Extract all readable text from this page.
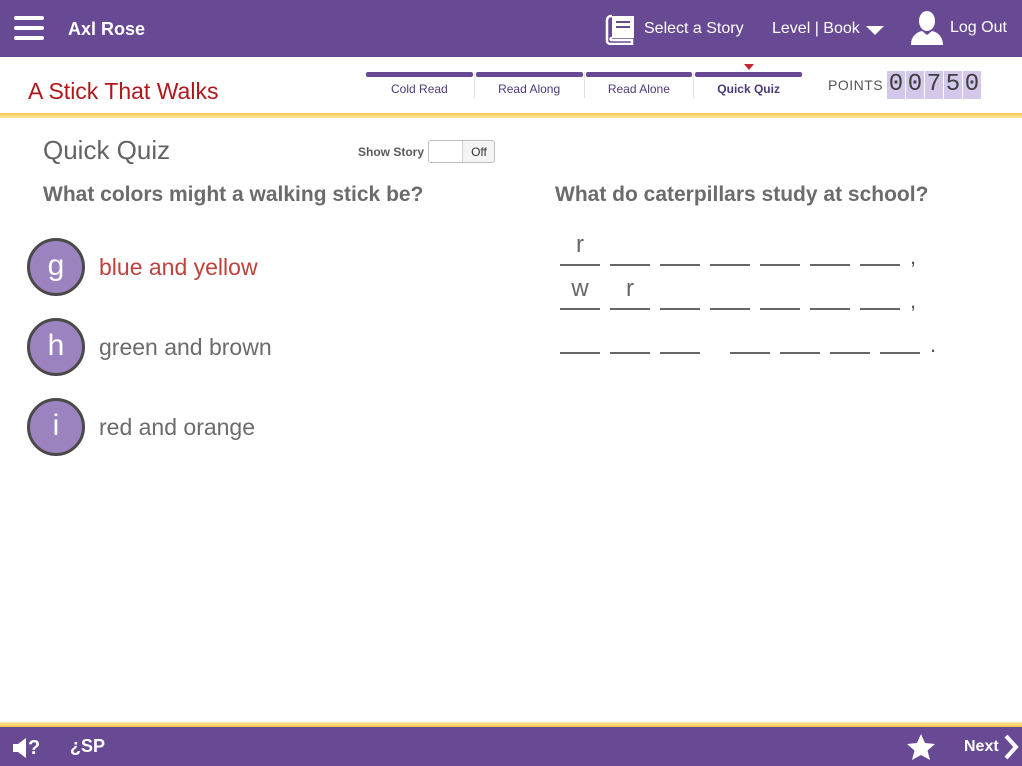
Axl Rose	Select a Story Level | Book	Log Out
A Stick That Walks	Cold Read	Read Along	Read Alone	Quick Quiz	POINTS 0 0 7 5 0
Quick Quiz	Show Story	Off
What colors might a walking stick be?	What do caterpillars study at school?
g	blue and yellow
h	green and brown
i	red and orange
r	,
w	r	,
.
? ¿SP	Next
